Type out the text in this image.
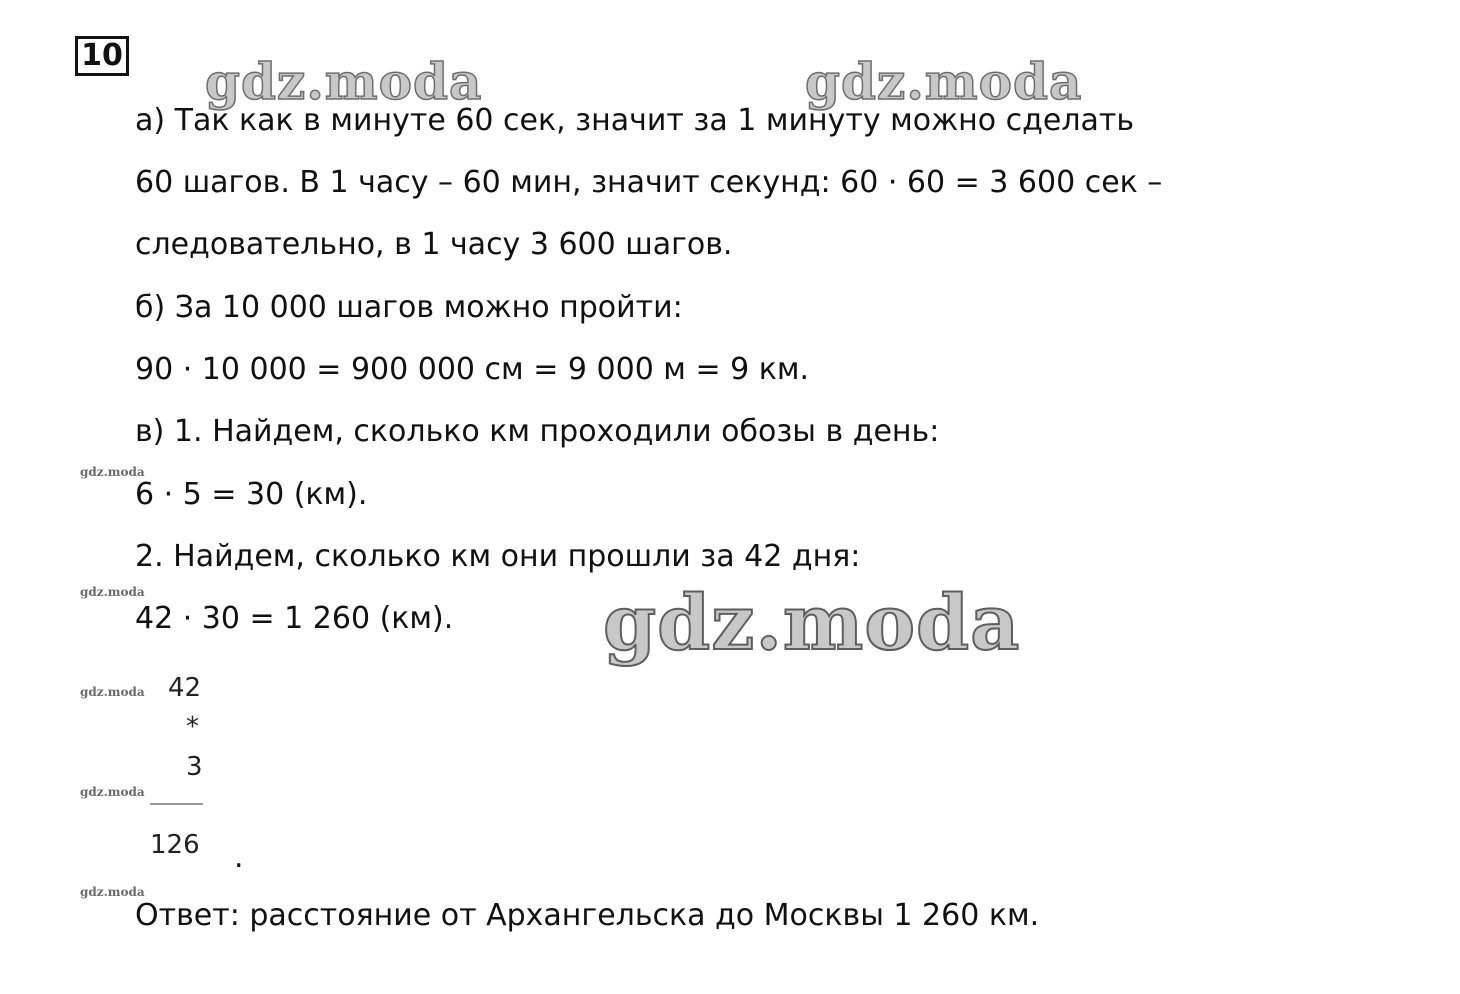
10 gdz.moda	gdz.moda
gdz.moda
gdz.moda
gdz.moda
gdz.moda
gdz.moda
gdz.moda
а) Так как в минуте 60 сек, значит за 1 минуту можно сделать
60 шагов. В 1 часу – 60 мин, значит секунд: 60 · 60 = 3 600 сек –
следовательно, в 1 часу 3 600 шагов.
б) За 10 000 шагов можно пройти:
90 · 10 000 = 900 000 см = 9 000 м = 9 км.
в) 1. Найдем, сколько км проходили обозы в день:
6 · 5 = 30 (км).
2. Найдем, сколько км они прошли за 42 дня:
42 · 30 = 1 260 (км).
42
*
3
126 .
Ответ: расстояние от Архангельска до Москвы 1 260 км.
